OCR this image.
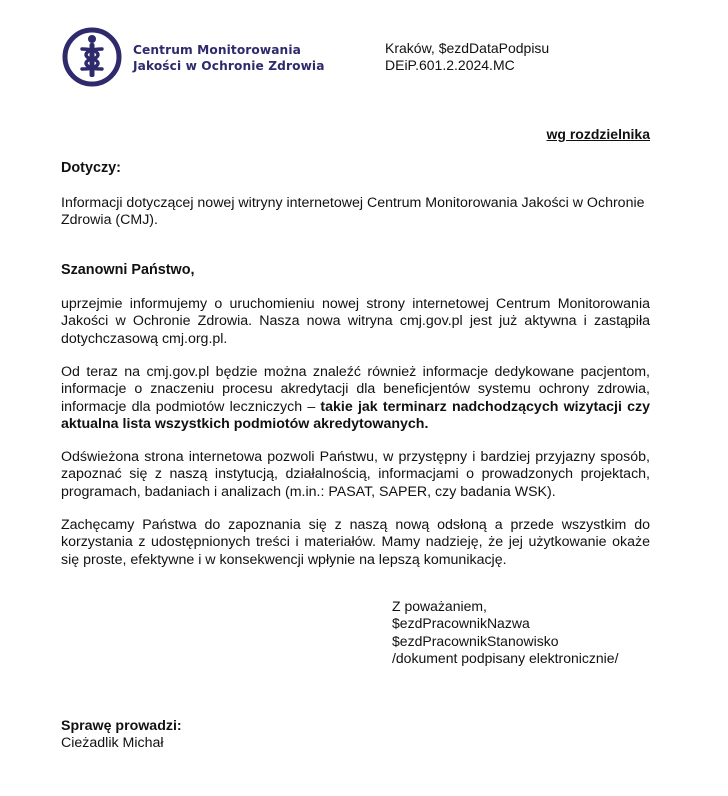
Centrum Monitorowania
Jakości w Ochronie Zdrowia
Kraków, $ezdDataPodpisu
DEiP.601.2.2024.MC
wg rozdzielnika
Dotyczy:
Informacji dotyczącej nowej witryny internetowej Centrum Monitorowania Jakości w Ochronie Zdrowia (CMJ).
Szanowni Państwo,
uprzejmie informujemy o uruchomieniu nowej strony internetowej Centrum Monitorowania Jakości w Ochronie Zdrowia. Nasza nowa witryna cmj.gov.pl jest już aktywna i zastąpiła dotychczasową cmj.org.pl.
Od teraz na cmj.gov.pl będzie można znaleźć również informacje dedykowane pacjentom, informacje o znaczeniu procesu akredytacji dla beneficjentów systemu ochrony zdrowia, informacje dla podmiotów leczniczych – takie jak terminarz nadchodzących wizytacji czy aktualna lista wszystkich podmiotów akredytowanych.
Odświeżona strona internetowa pozwoli Państwu, w przystępny i bardziej przyjazny sposób, zapoznać się z naszą instytucją, działalnością, informacjami o prowadzonych projektach, programach, badaniach i analizach (m.in.: PASAT, SAPER, czy badania WSK).
Zachęcamy Państwa do zapoznania się z naszą nową odsłoną a przede wszystkim do korzystania z udostępnionych treści i materiałów. Mamy nadzieję, że jej użytkowanie okaże się proste, efektywne i w konsekwencji wpłynie na lepszą komunikację.
Z poważaniem,
$ezdPracownikNazwa
$ezdPracownikStanowisko
/dokument podpisany elektronicznie/
Sprawę prowadzi:
Cieżadlik Michał
